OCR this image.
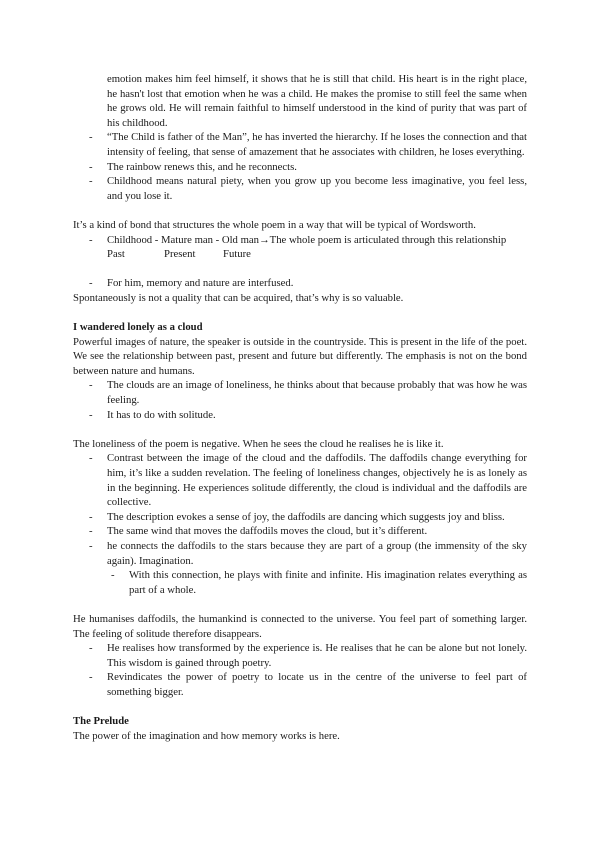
emotion makes him feel himself, it shows that he is still that child. His heart is in the right place, he hasn't lost that emotion when he was a child. He makes the promise to still feel the same when he grows old. He will remain faithful to himself understood in the kind of purity that was part of his childhood.

- “The Child is father of the Man”, he has inverted the hierarchy. If he loses the connection and that intensity of feeling, that sense of amazement that he associates with children, he loses everything.
- The rainbow renews this, and he reconnects.
- Childhood means natural piety, when you grow up you become less imaginative, you feel less, and you lose it.

It’s a kind of bond that structures the whole poem in a way that will be typical of Wordsworth.

- Childhood - Mature man - Old man→The whole poem is articulated through this relationship
Past	Present	Future
- For him, memory and nature are interfused.

Spontaneously is not a quality that can be acquired, that’s why is so valuable.

I wandered lonely as a cloud

Powerful images of nature, the speaker is outside in the countryside. This is present in the life of the poet. We see the relationship between past, present and future but differently. The emphasis is not on the bond between nature and humans.

- The clouds are an image of loneliness, he thinks about that because probably that was how he was feeling.
- It has to do with solitude.

The loneliness of the poem is negative. When he sees the cloud he realises he is like it.

- Contrast between the image of the cloud and the daffodils. The daffodils change everything for him, it’s like a sudden revelation. The feeling of loneliness changes, objectively he is as lonely as in the beginning. He experiences solitude differently, the cloud is individual and the daffodils are collective.
- The description evokes a sense of joy, the daffodils are dancing which suggests joy and bliss.
- The same wind that moves the daffodils moves the cloud, but it’s different.
- he connects the daffodils to the stars because they are part of a group (the immensity of the sky again). Imagination.
- With this connection, he plays with finite and infinite. His imagination relates everything as part of a whole.

He humanises daffodils, the humankind is connected to the universe. You feel part of something larger. The feeling of solitude therefore disappears.

- He realises how transformed by the experience is. He realises that he can be alone but not lonely. This wisdom is gained through poetry.
- Revindicates the power of poetry to locate us in the centre of the universe to feel part of something bigger.
The Prelude

The power of the imagination and how memory works is here.
